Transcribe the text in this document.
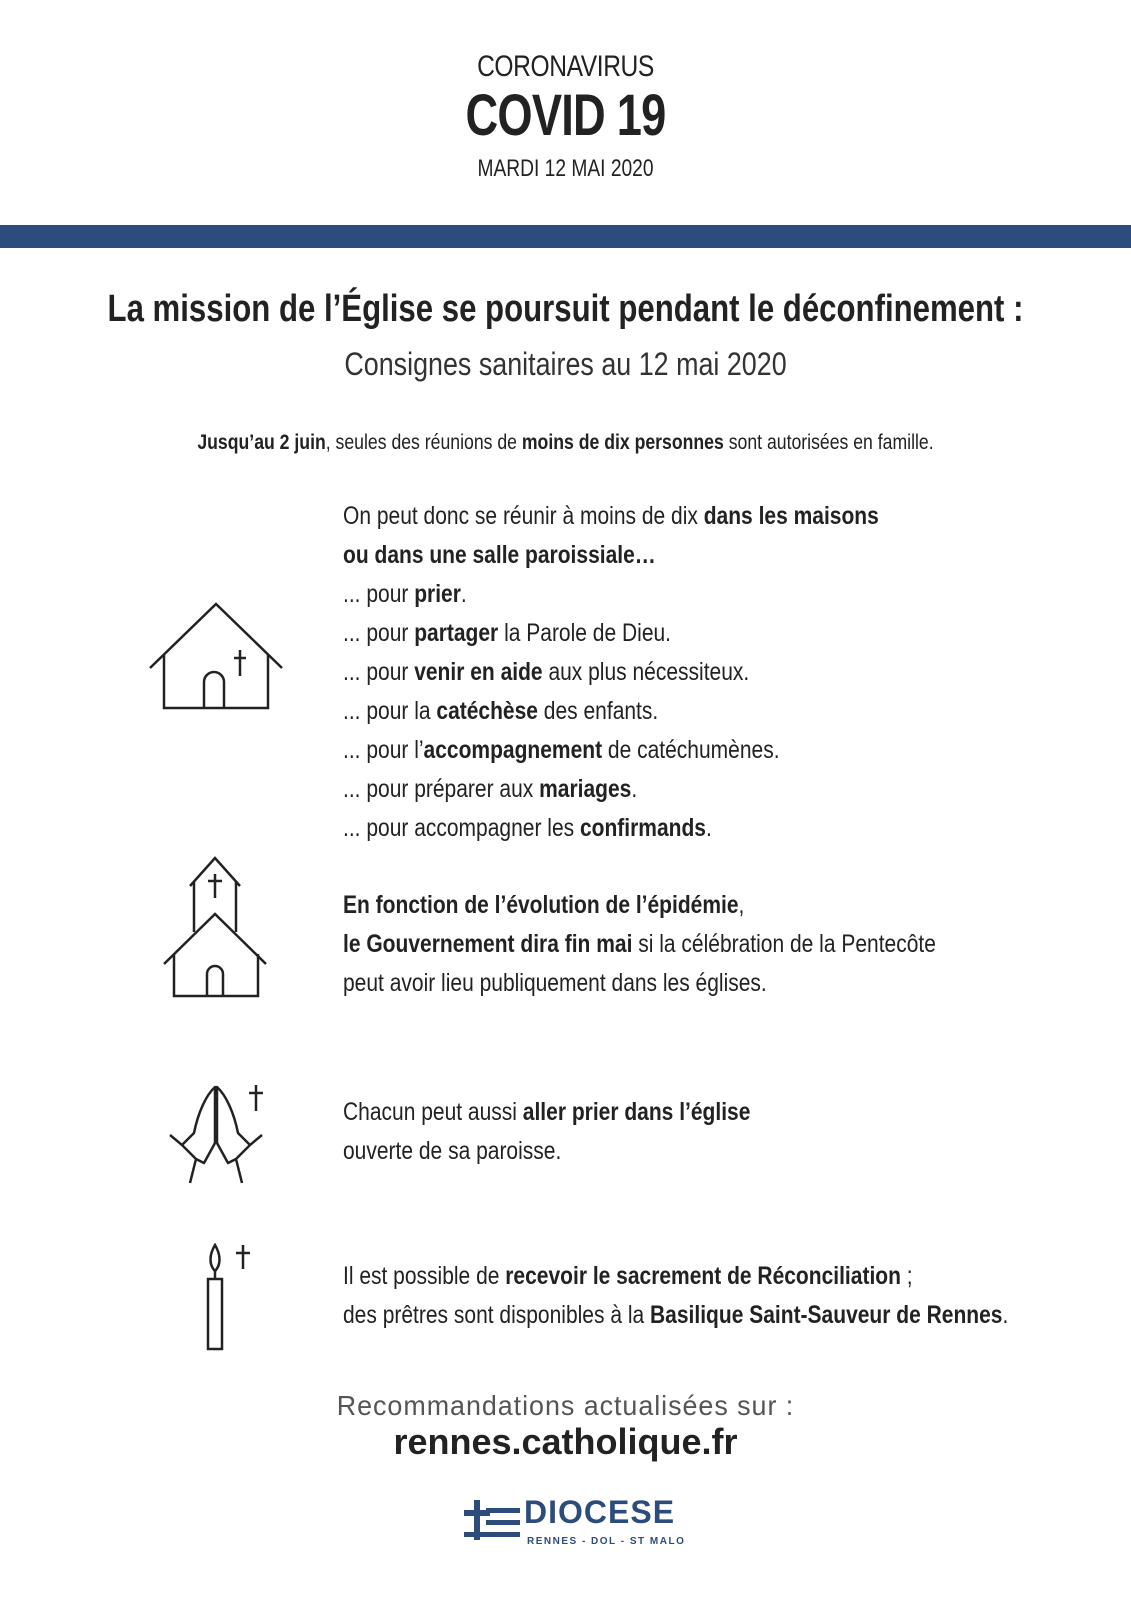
CORONAVIRUS
COVID 19
MARDI 12 MAI 2020
La mission de l’Église se poursuit pendant le déconfinement :
Consignes sanitaires au 12 mai 2020
Jusqu’au 2 juin, seules des réunions de moins de dix personnes sont autorisées en famille.
On peut donc se réunir à moins de dix dans les maisons
ou dans une salle paroissiale…
... pour prier.
... pour partager la Parole de Dieu.
... pour venir en aide aux plus nécessiteux.
... pour la catéchèse des enfants.
... pour l’accompagnement de catéchumènes.
... pour préparer aux mariages.
... pour accompagner les confirmands.
En fonction de l’évolution de l’épidémie,
le Gouvernement dira fin mai si la célébration de la Pentecôte
peut avoir lieu publiquement dans les églises.
Chacun peut aussi aller prier dans l’église
ouverte de sa paroisse.
Il est possible de recevoir le sacrement de Réconciliation ;
des prêtres sont disponibles à la Basilique Saint-Sauveur de Rennes.
Recommandations actualisées sur :
rennes.catholique.fr
DIOCESE
RENNES - DOL - ST MALO
